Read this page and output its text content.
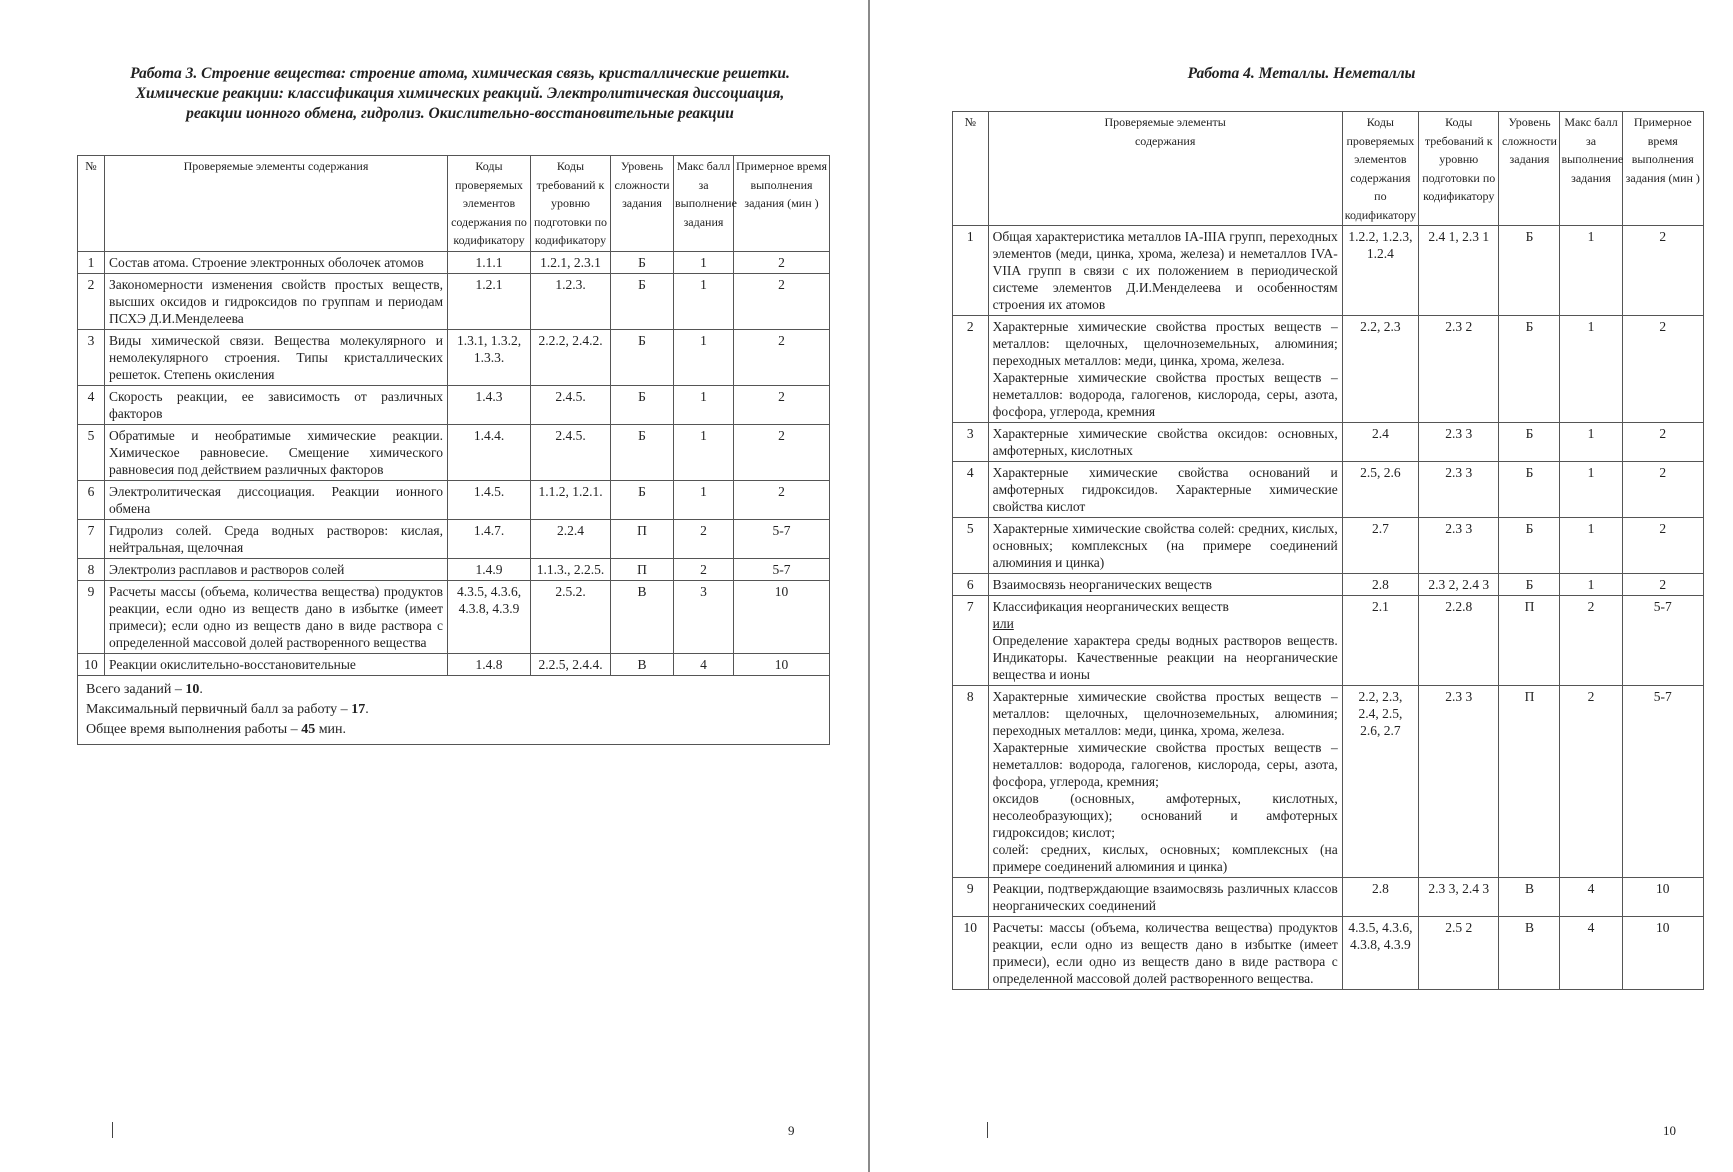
Работа 3. Строение вещества: строение атома, химическая связь, кристаллические решетки. Химические реакции: классификация химических реакций. Электролитическая диссоциация, реакции ионного обмена, гидролиз. Окислительно-восстановительные реакции
№	Проверяемые элементы содержания	Коды проверяемых элементов содержания по кодификатору	Коды требований к уровню подготовки по кодификатору	Уровень сложности задания	Макс балл за выполнение задания	Примерное время выполнения задания (мин )
1	Состав атома. Строение электронных оболочек атомов	1.1.1	1.2.1, 2.3.1	Б	1	2
2	Закономерности изменения свойств простых веществ, высших оксидов и гидроксидов по группам и периодам ПСХЭ Д.И.Менделеева	1.2.1	1.2.3.	Б	1	2
3	Виды химической связи. Вещества молекулярного и немолекулярного строения. Типы кристаллических решеток. Степень окисления	1.3.1, 1.3.2, 1.3.3.	2.2.2, 2.4.2.	Б	1	2
4	Скорость реакции, ее зависимость от различных факторов	1.4.3	2.4.5.	Б	1	2
5	Обратимые и необратимые химические реакции. Химическое равновесие. Смещение химического равновесия под действием различных факторов	1.4.4.	2.4.5.	Б	1	2
6	Электролитическая диссоциация. Реакции ионного обмена	1.4.5.	1.1.2, 1.2.1.	Б	1	2
7	Гидролиз солей. Среда водных растворов: кислая, нейтральная, щелочная	1.4.7.	2.2.4	П	2	5-7
8	Электролиз расплавов и растворов солей	1.4.9	1.1.3., 2.2.5.	П	2	5-7
9	Расчеты массы (объема, количества вещества) продуктов реакции, если одно из веществ дано в избытке (имеет примеси); если одно из веществ дано в виде раствора с определенной массовой долей растворенного вещества	4.3.5, 4.3.6, 4.3.8, 4.3.9	2.5.2.	В	3	10
10	Реакции окислительно-восстановительные	1.4.8	2.2.5, 2.4.4.	В	4	10

Всего заданий – 10.
Максимальный первичный балл за работу – 17.
Общее время выполнения работы – 45 мин.						
9
Работа 4. Металлы. Неметаллы
№	Проверяемые элементы содержания	Коды проверяемых элементов содержания по кодификатору	Коды требований к уровню подготовки по кодификатору	Уровень сложности задания	Макс балл за выполнение задания	Примерное время выполнения задания (мин )
1	Общая характеристика металлов IA-IIIA групп, переходных элементов (меди, цинка, хрома, железа) и неметаллов IVA-VIIA групп в связи с их положением в периодической системе элементов Д.И.Менделеева и особенностям строения их атомов	1.2.2, 1.2.3, 1.2.4	2.4 1, 2.3 1	Б	1	2
2	Характерные химические свойства простых веществ – металлов: щелочных, щелочноземельных, алюминия; переходных металлов: меди, цинка, хрома, железа.
Характерные химические свойства простых веществ – неметаллов: водорода, галогенов, кислорода, серы, азота, фосфора, углерода, кремния	2.2, 2.3	2.3 2	Б	1	2
3	Характерные химические свойства оксидов: основных, амфотерных, кислотных	2.4	2.3 3	Б	1	2
4	Характерные химические свойства оснований и амфотерных гидроксидов. Характерные химические свойства кислот	2.5, 2.6	2.3 3	Б	1	2
5	Характерные химические свойства солей: средних, кислых, основных; комплексных (на примере соединений алюминия и цинка)	2.7	2.3 3	Б	1	2
6	Взаимосвязь неорганических веществ	2.8	2.3 2, 2.4 3	Б	1	2
7	Классификация неорганических веществ
или
Определение характера среды водных растворов веществ. Индикаторы. Качественные реакции на неорганические вещества и ионы	2.1	2.2.8	П	2	5-7
8	Характерные химические свойства простых веществ – металлов: щелочных, щелочноземельных, алюминия; переходных металлов: меди, цинка, хрома, железа.
Характерные химические свойства простых веществ – неметаллов: водорода, галогенов, кислорода, серы, азота, фосфора, углерода, кремния;
оксидов (основных, амфотерных, кислотных, несолеобразующих); оснований и амфотерных гидроксидов; кислот;
солей: средних, кислых, основных; комплексных (на примере соединений алюминия и цинка)	2.2, 2.3, 2.4, 2.5, 2.6, 2.7	2.3 3	П	2	5-7
9	Реакции, подтверждающие взаимосвязь различных классов неорганических соединений	2.8	2.3 3, 2.4 3	В	4	10
10	Расчеты: массы (объема, количества вещества) продуктов реакции, если одно из веществ дано в избытке (имеет примеси), если одно из веществ дано в виде раствора с определенной массовой долей растворенного вещества.	4.3.5, 4.3.6, 4.3.8, 4.3.9	2.5 2	В	4	10
10
